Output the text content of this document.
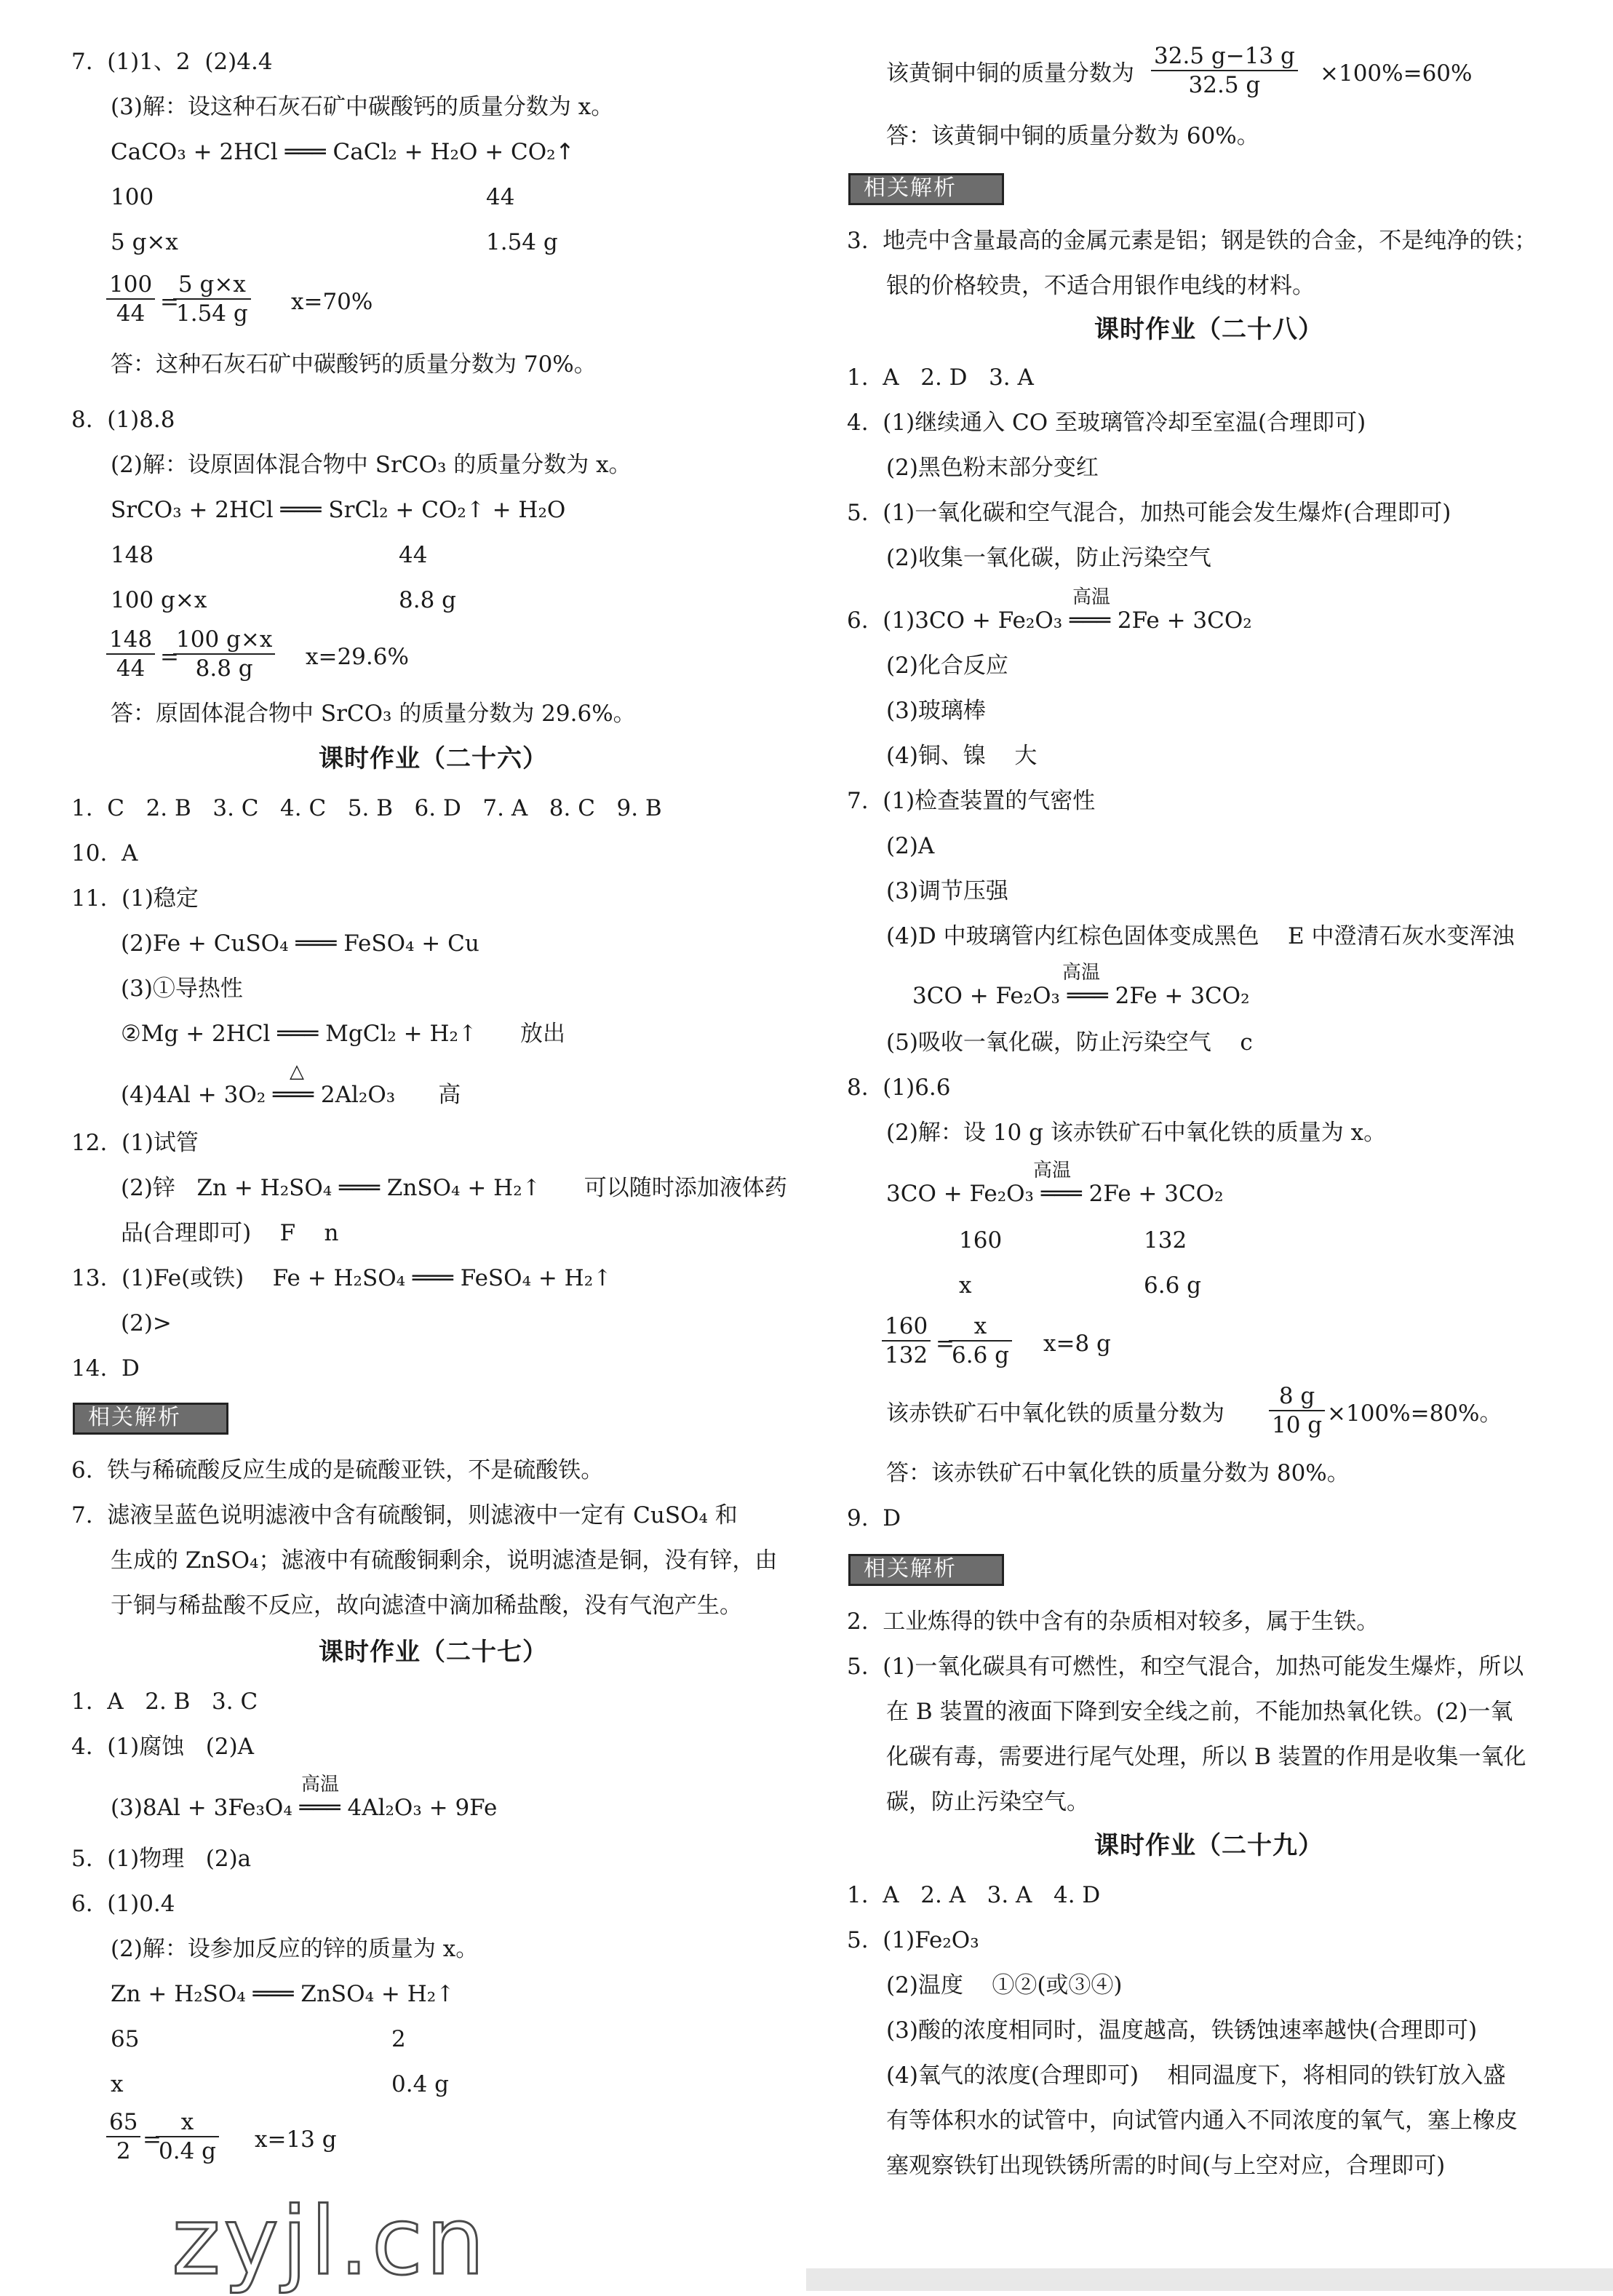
7.  (1)1、2  (2)4.4
(3)解：设这种石灰石矿中碳酸钙的质量分数为 x。
CaCO₃ + 2HCl ═══ CaCl₂ + H₂O + CO₂↑
100	44
5 g×x	1.54 g
$\frac{100}{44}$ =
$\frac{5 g\times x}{1.54 g} x=70\%$
答：这种石灰石矿中碳酸钙的质量分数为 70%。
8.  (1)8.8
(2)解：设原固体混合物中 SrCO₃ 的质量分数为 x。
SrCO₃ + 2HCl ═══ SrCl₂ + CO₂↑ + H₂O
148	44
100 g×x	8.8 g
$\frac{148}{44}$ =
$\frac{100 g\times x}{8.8 g} x=29.6\%$
答：原固体混合物中 SrCO₃ 的质量分数为 29.6%。
课时作业（二十六）
1.  C   2. B   3. C   4. C   5. B   6. D   7. A   8. C   9. B
10.  A
11.  (1)稳定
(2)Fe + CuSO₄ ═══ FeSO₄ + Cu
(3)①导热性
②Mg + 2HCl ═══ MgCl₂ + H₂↑      放出
△
(4)4Al + 3O₂ ═══ 2Al₂O₃      高
12.  (1)试管
(2)锌   Zn + H₂SO₄ ═══ ZnSO₄ + H₂↑      可以随时添加液体药
品(合理即可)    F    n
13.  (1)Fe(或铁)    Fe + H₂SO₄ ═══ FeSO₄ + H₂↑
(2)>
14.  D
相关解析
6.  铁与稀硫酸反应生成的是硫酸亚铁，不是硫酸铁。
7.  滤液呈蓝色说明滤液中含有硫酸铜，则滤液中一定有 CuSO₄ 和
生成的 ZnSO₄；滤液中有硫酸铜剩余，说明滤渣是铜，没有锌，由
于铜与稀盐酸不反应，故向滤渣中滴加稀盐酸，没有气泡产生。
课时作业（二十七）
1.  A   2. B   3. C
4.  (1)腐蚀   (2)A
高温
(3)8Al + 3Fe₃O₄ ═══ 4Al₂O₃ + 9Fe
5.  (1)物理   (2)a
6.  (1)0.4
(2)解：设参加反应的锌的质量为 x。
Zn + H₂SO₄ ═══ ZnSO₄ + H₂↑
65	2
x	0.4 g
$\frac{65}{2}$ =
$\frac{x}{0.4 g} x=13$ g
zyjl.cn
该黄铜中铜的质量分数为 $\frac{32.5 g-13 g}{32.5 g} \times 100\%=60\%$
答：该黄铜中铜的质量分数为 60%。
相关解析
3.  地壳中含量最高的金属元素是铝；钢是铁的合金，不是纯净的铁；
银的价格较贵，不适合用银作电线的材料。
课时作业（二十八）
1.  A   2. D   3. A
4.  (1)继续通入 CO 至玻璃管冷却至室温(合理即可)
(2)黑色粉末部分变红
5.  (1)一氧化碳和空气混合，加热可能会发生爆炸(合理即可)
(2)收集一氧化碳，防止污染空气
高温
6.  (1)3CO + Fe₂O₃ ═══ 2Fe + 3CO₂
(2)化合反应
(3)玻璃棒
(4)铜、镍    大
7.  (1)检查装置的气密性
(2)A
(3)调节压强
(4)D 中玻璃管内红棕色固体变成黑色    E 中澄清石灰水变浑浊
高温
3CO + Fe₂O₃ ═══ 2Fe + 3CO₂
(5)吸收一氧化碳，防止污染空气    c
8.  (1)6.6
(2)解：设 10 g 该赤铁矿石中氧化铁的质量为 x。
高温
3CO + Fe₂O₃ ═══ 2Fe + 3CO₂
160	132
x	6.6 g
$\frac{160}{132}$ =
$\frac{x}{6.6 g} x=8$ g
该赤铁矿石中氧化铁的质量分数为 $\frac{8 g}{10 g} \times 100\%=80\%$。
答：该赤铁矿石中氧化铁的质量分数为 80%。
9.  D
相关解析
2.  工业炼得的铁中含有的杂质相对较多，属于生铁。
5.  (1)一氧化碳具有可燃性，和空气混合，加热可能发生爆炸，所以
在 B 装置的液面下降到安全线之前，不能加热氧化铁。(2)一氧
化碳有毒，需要进行尾气处理，所以 B 装置的作用是收集一氧化
碳，防止污染空气。
课时作业（二十九）
1.  A   2. A   3. A   4. D
5.  (1)Fe₂O₃
(2)温度    ①②(或③④)
(3)酸的浓度相同时，温度越高，铁锈蚀速率越快(合理即可)
(4)氧气的浓度(合理即可)    相同温度下，将相同的铁钉放入盛
有等体积水的试管中，向试管内通入不同浓度的氧气，塞上橡皮
塞观察铁钉出现铁锈所需的时间(与上空对应，合理即可)
